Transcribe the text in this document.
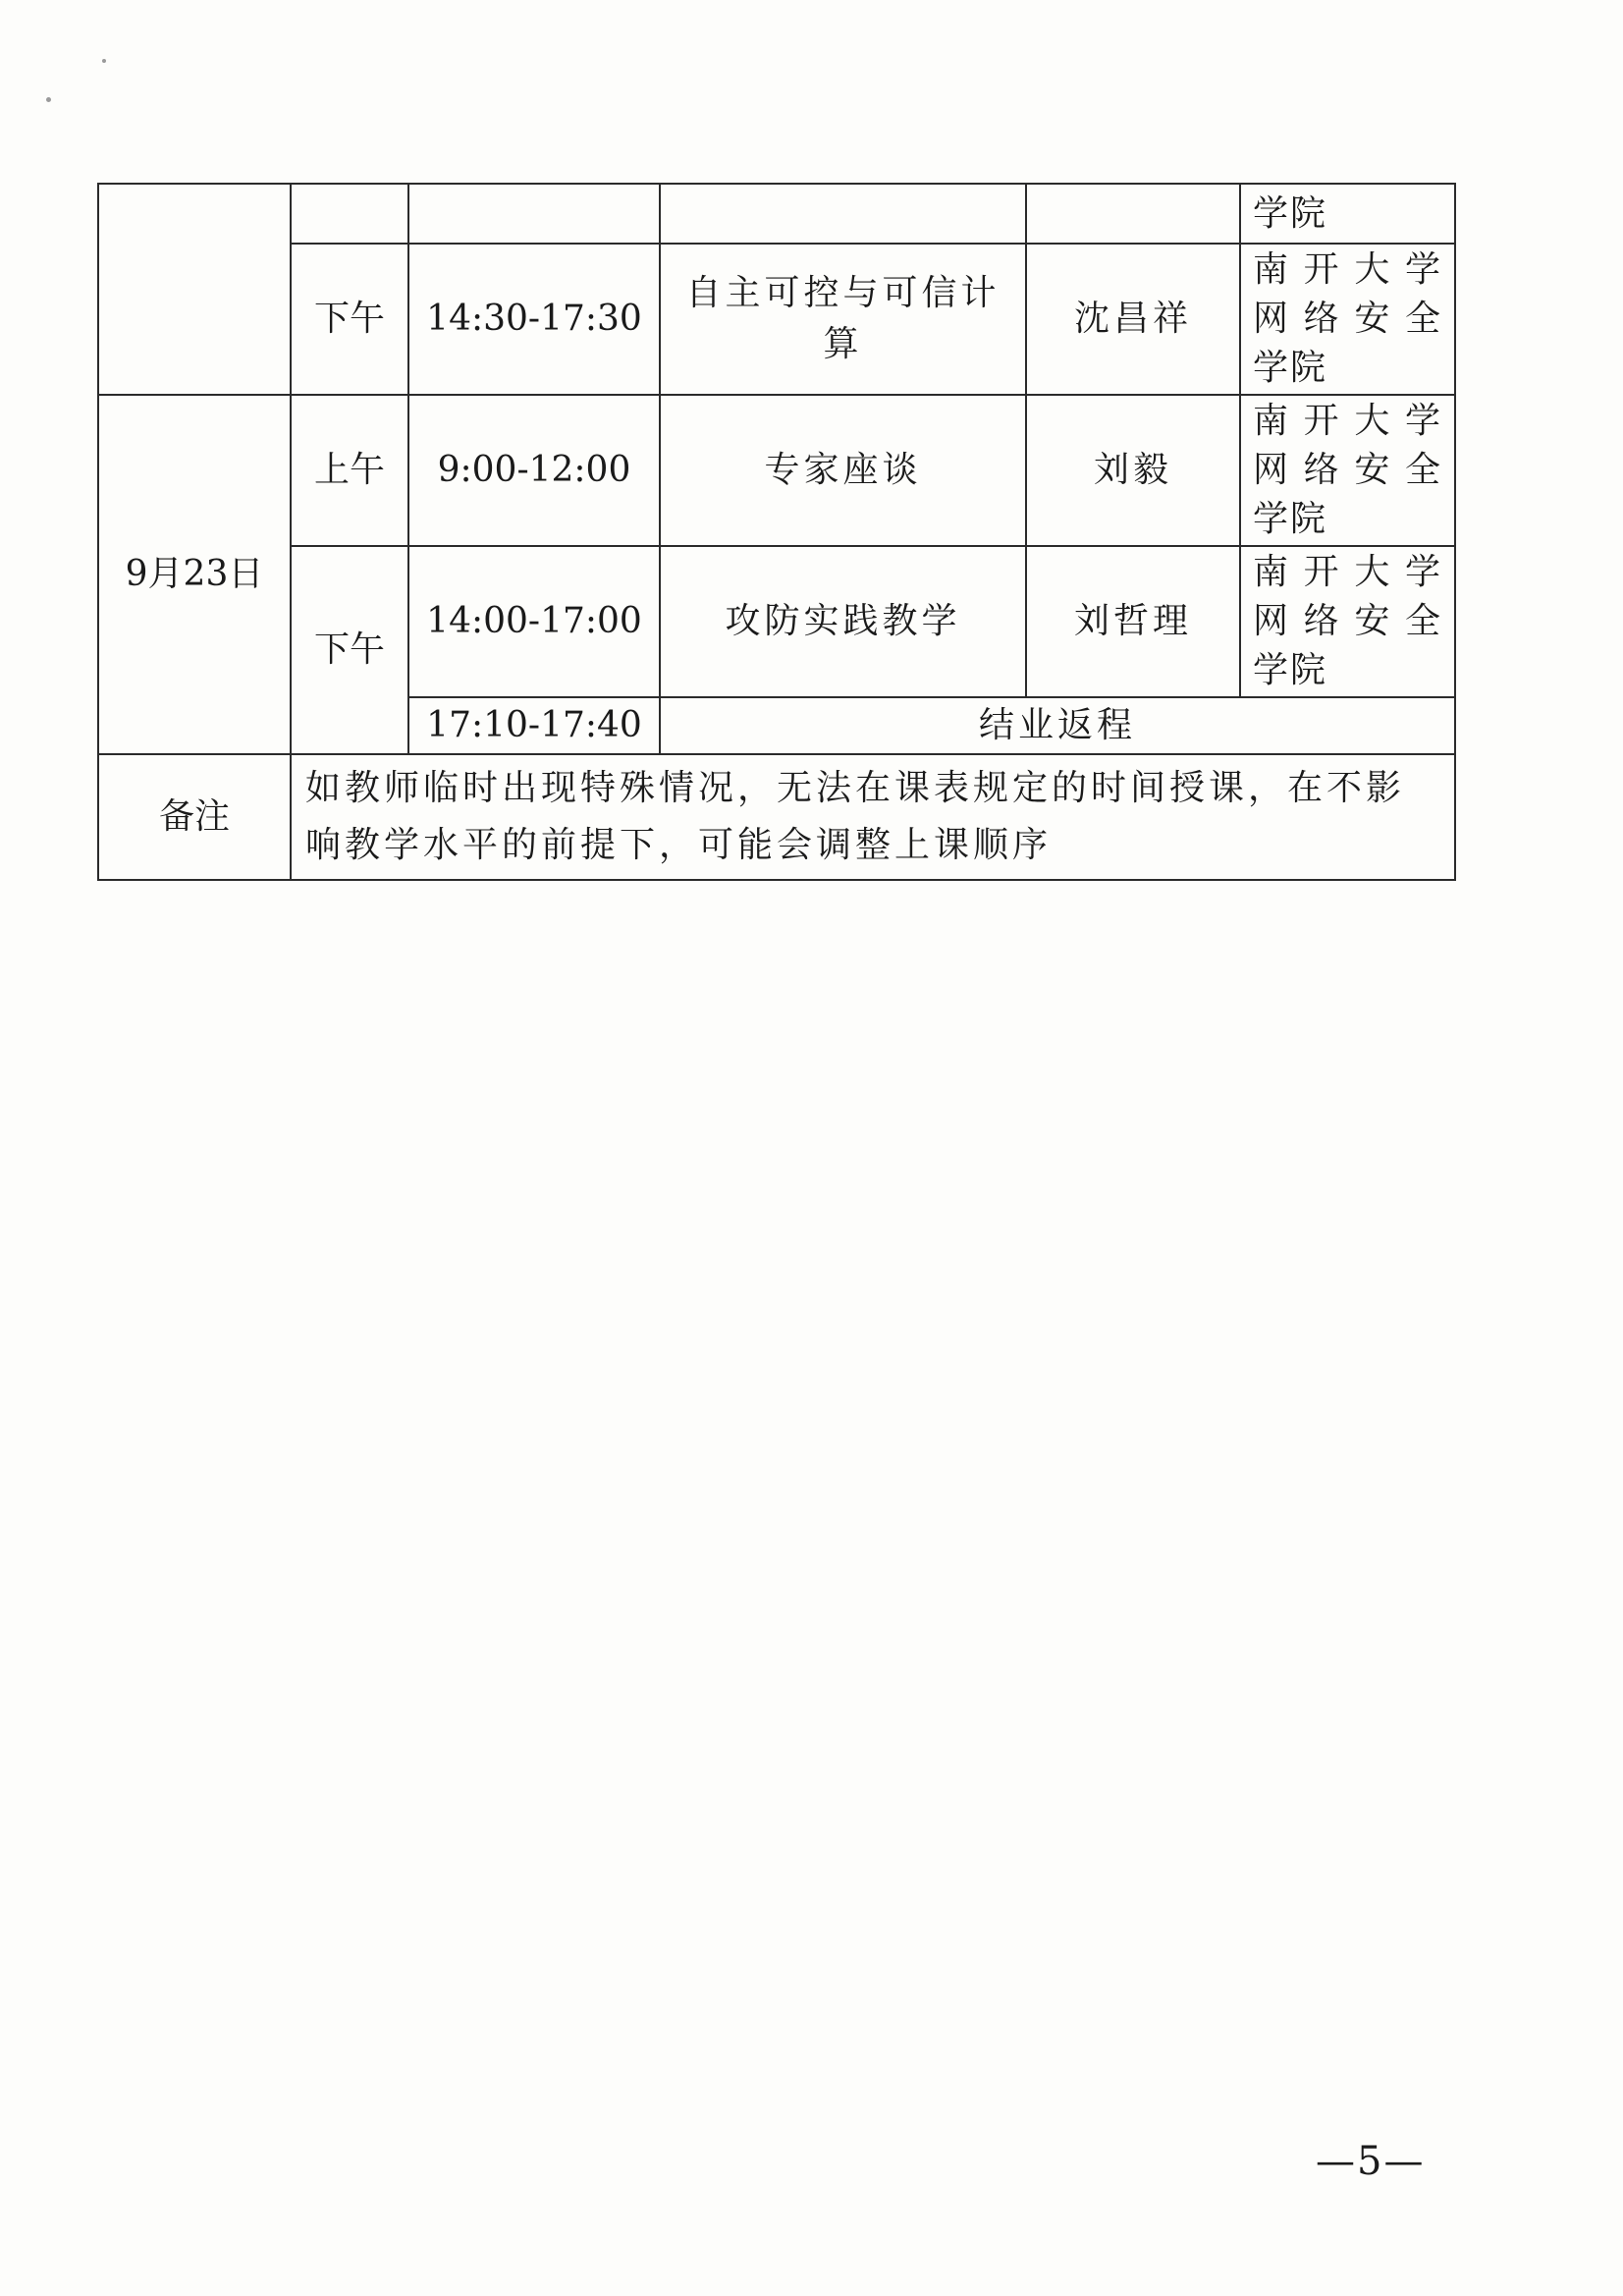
					学院
	下午	14:30-17:30	自主可控与可信计算	沈昌祥	南开大学
网络安全
学院

9月23日	上午	9:00-12:00	专家座谈	刘毅	南开大学
网络安全
学院

	下午	14:00-17:00	攻防实践教学	刘哲理	南开大学
网络安全
学院

		17:10-17:40	结业返程		
备注	如教师临时出现特殊情况，无法在课表规定的时间授课，在不影响教学水平的前提下，可能会调整上课顺序				
—5—
